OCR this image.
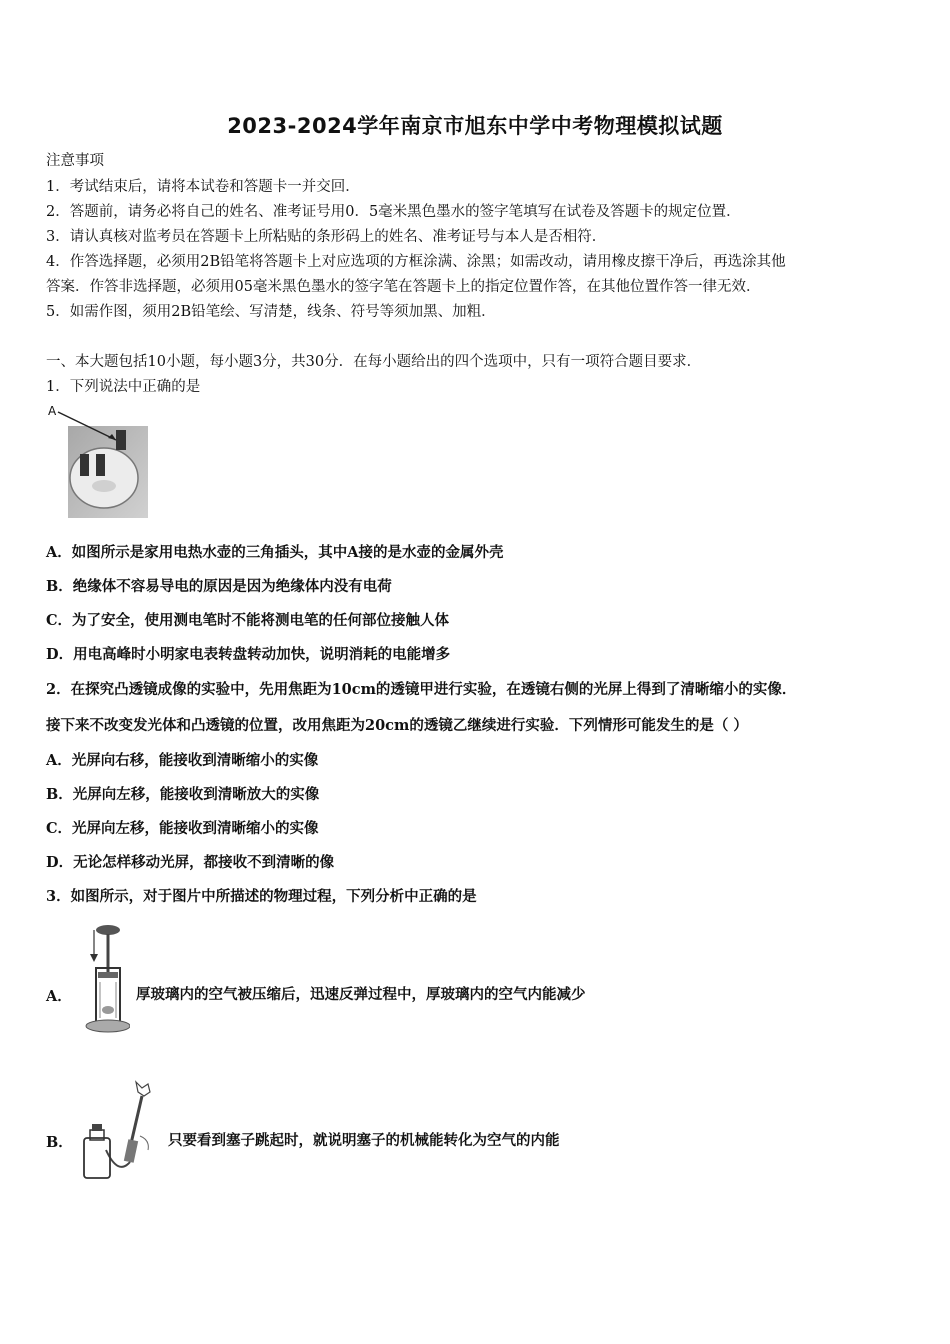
2023-2024学年南京市旭东中学中考物理模拟试题
注意事项
1．考试结束后，请将本试卷和答题卡一并交回．
2．答题前，请务必将自己的姓名、准考证号用0．5毫米黑色墨水的签字笔填写在试卷及答题卡的规定位置．
3．请认真核对监考员在答题卡上所粘贴的条形码上的姓名、准考证号与本人是否相符．
4．作答选择题，必须用2B铅笔将答题卡上对应选项的方框涂满、涂黑；如需改动，请用橡皮擦干净后，再选涂其他
答案．作答非选择题，必须用05毫米黑色墨水的签字笔在答题卡上的指定位置作答，在其他位置作答一律无效．
5．如需作图，须用2B铅笔绘、写清楚，线条、符号等须加黑、加粗．
一、本大题包括10小题，每小题3分，共30分．在每小题给出的四个选项中，只有一项符合题目要求．
1．下列说法中正确的是
A
A．如图所示是家用电热水壶的三角插头，其中A接的是水壶的金属外壳
B．绝缘体不容易导电的原因是因为绝缘体内没有电荷
C．为了安全，使用测电笔时不能将测电笔的任何部位接触人体
D．用电高峰时小明家电表转盘转动加快，说明消耗的电能增多
2．在探究凸透镜成像的实验中，先用焦距为10cm的透镜甲进行实验，在透镜右侧的光屏上得到了清晰缩小的实像．
接下来不改变发光体和凸透镜的位置，改用焦距为20cm的透镜乙继续进行实验．下列情形可能发生的是（ ）
A．光屏向右移，能接收到清晰缩小的实像
B．光屏向左移，能接收到清晰放大的实像
C．光屏向左移，能接收到清晰缩小的实像
D．无论怎样移动光屏，都接收不到清晰的像
3．如图所示，对于图片中所描述的物理过程，下列分析中正确的是
A．	厚玻璃内的空气被压缩后，迅速反弹过程中，厚玻璃内的空气内能减少
B．	只要看到塞子跳起时，就说明塞子的机械能转化为空气的内能
